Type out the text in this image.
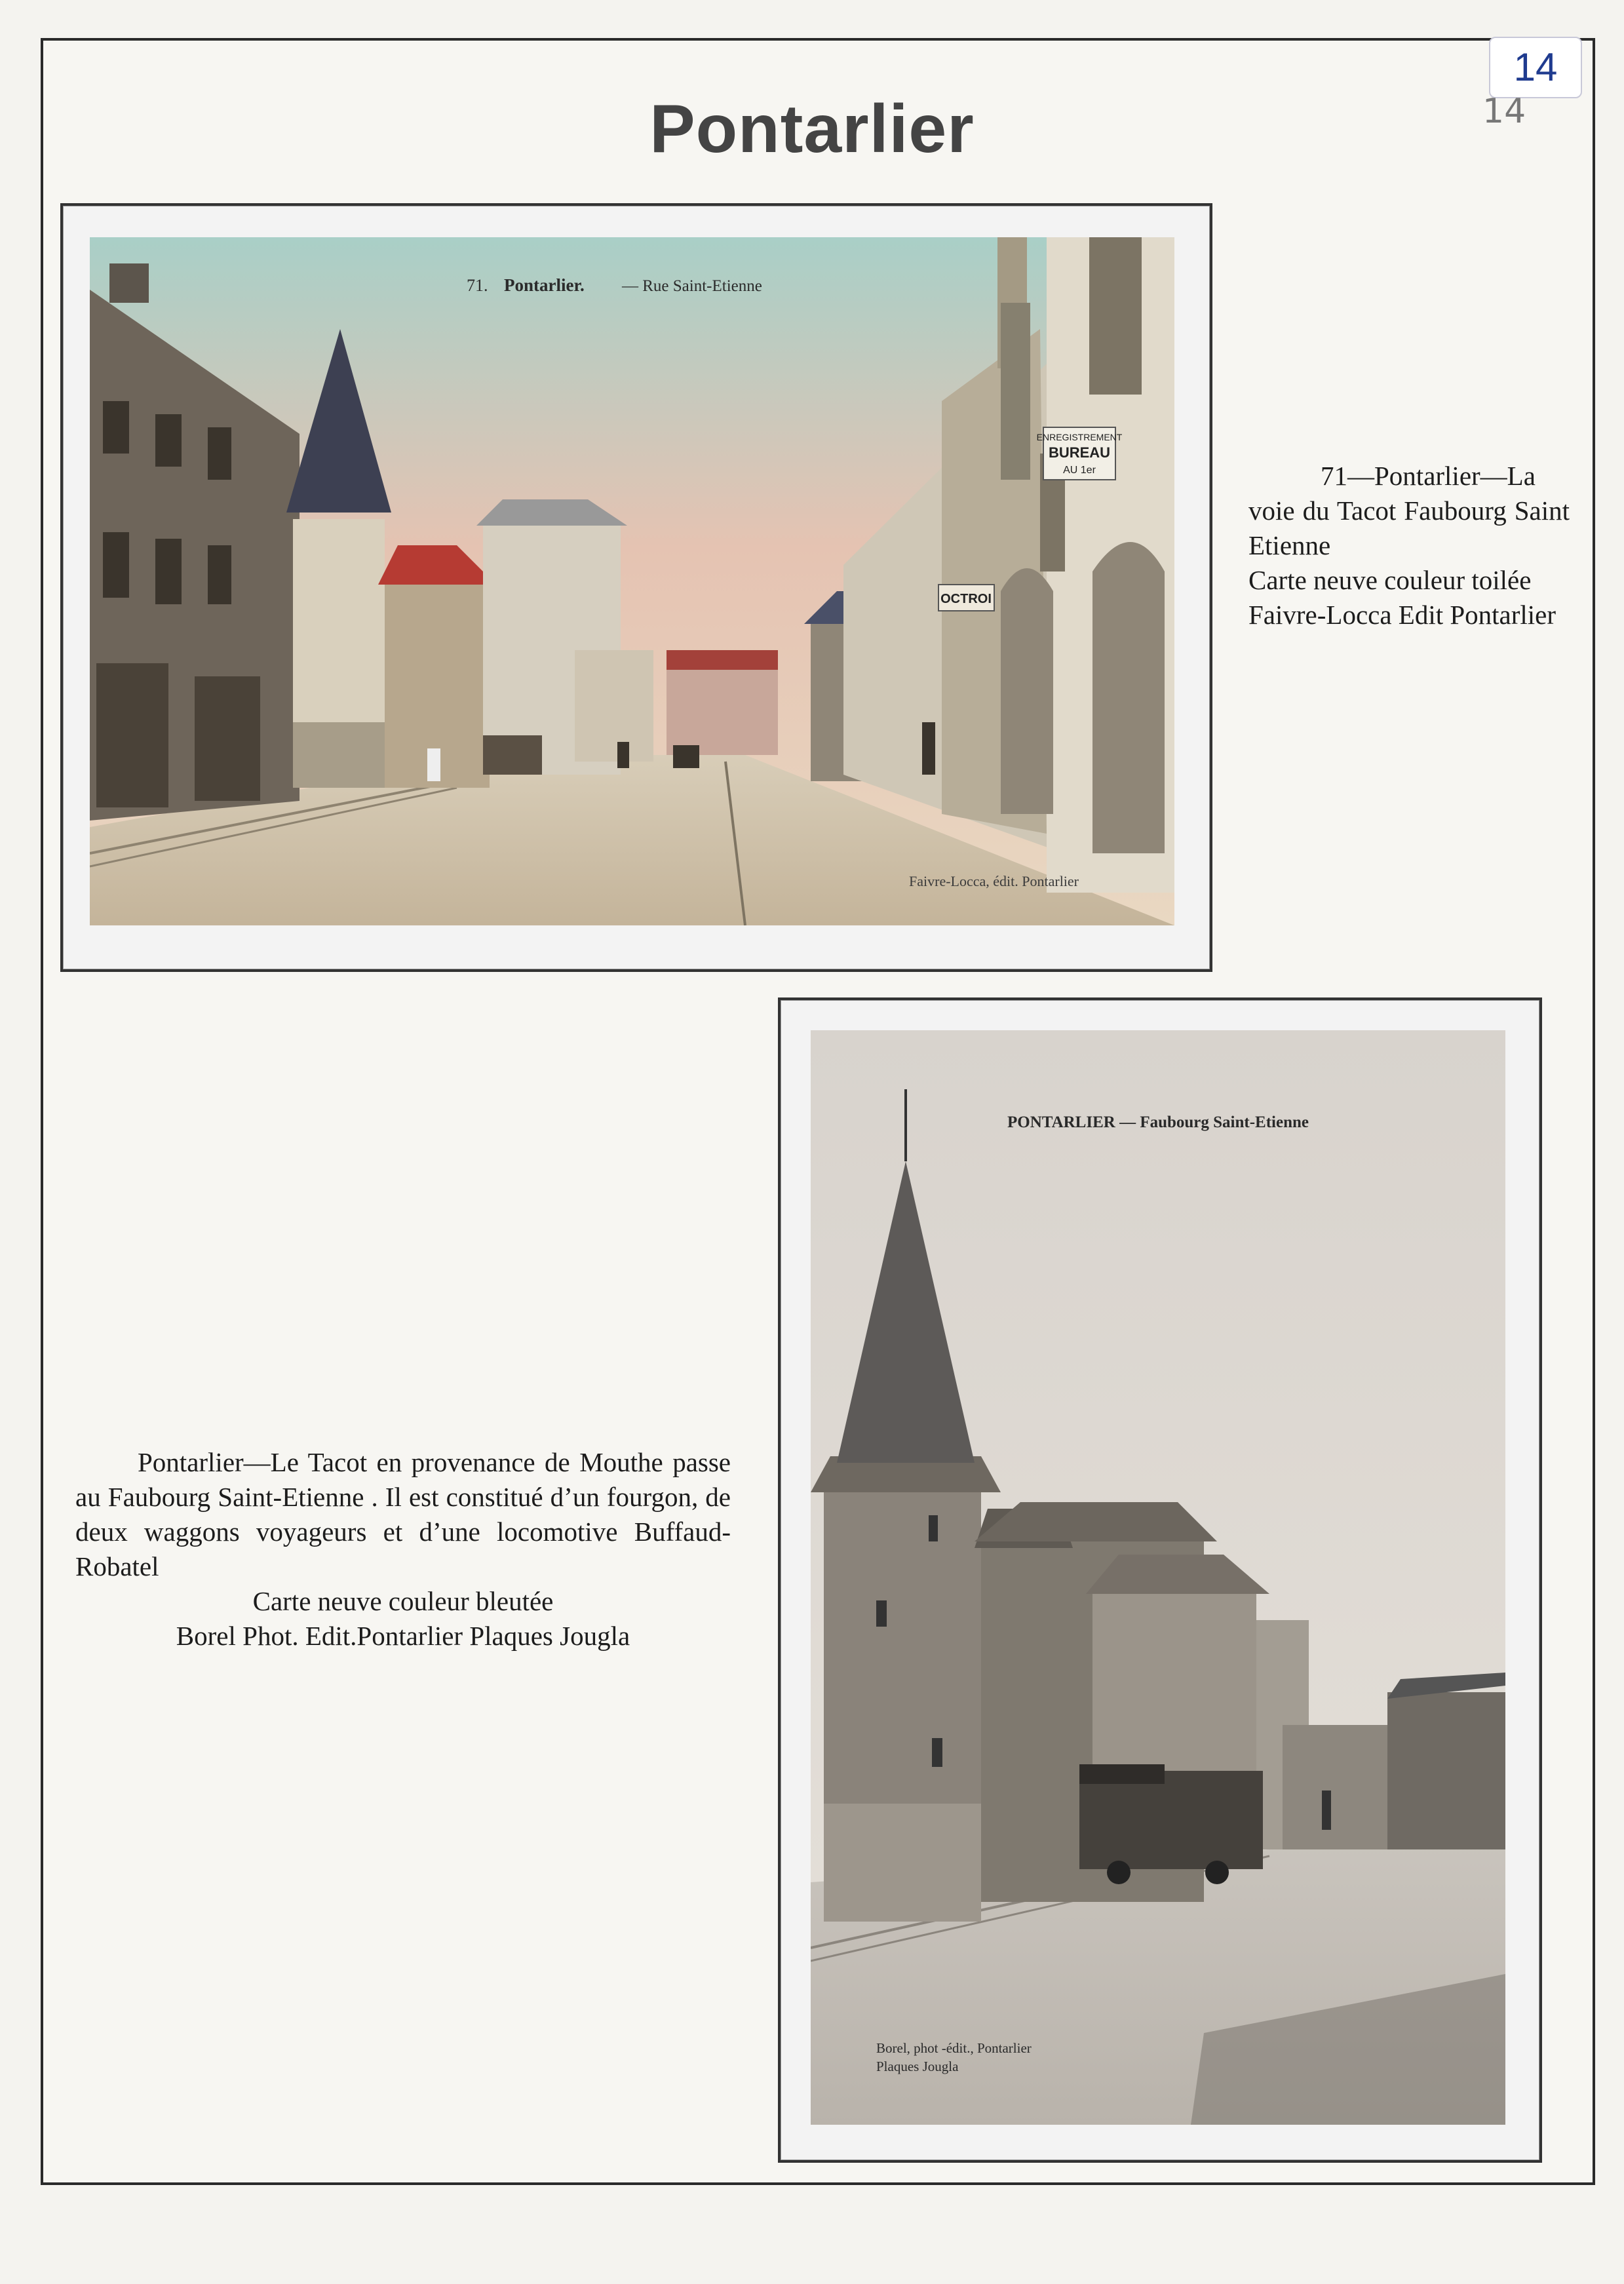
Pontarlier
14
14
ENREGISTREMENT
BUREAU
AU 1er
OCTROI
71. Pontarlier. — Rue Saint-Etienne
Faivre-Locca, édit. Pontarlier

71—Pontarlier—La voie du Tacot Faubourg Saint Etienne

Carte neuve couleur toilée

Faivre-Locca Edit Pontarlier

PONTARLIER — Faubourg Saint-Etienne
Borel, phot -édit., Pontarlier
Plaques Jougla

Pontarlier—Le Tacot en provenance de Mouthe passe au Faubourg Saint-Etienne . Il est constitué d’un fourgon, de deux waggons voyageurs et d’une locomotive Buffaud-Robatel

Carte neuve couleur bleutée

Borel Phot. Edit.Pontarlier Plaques Jougla
